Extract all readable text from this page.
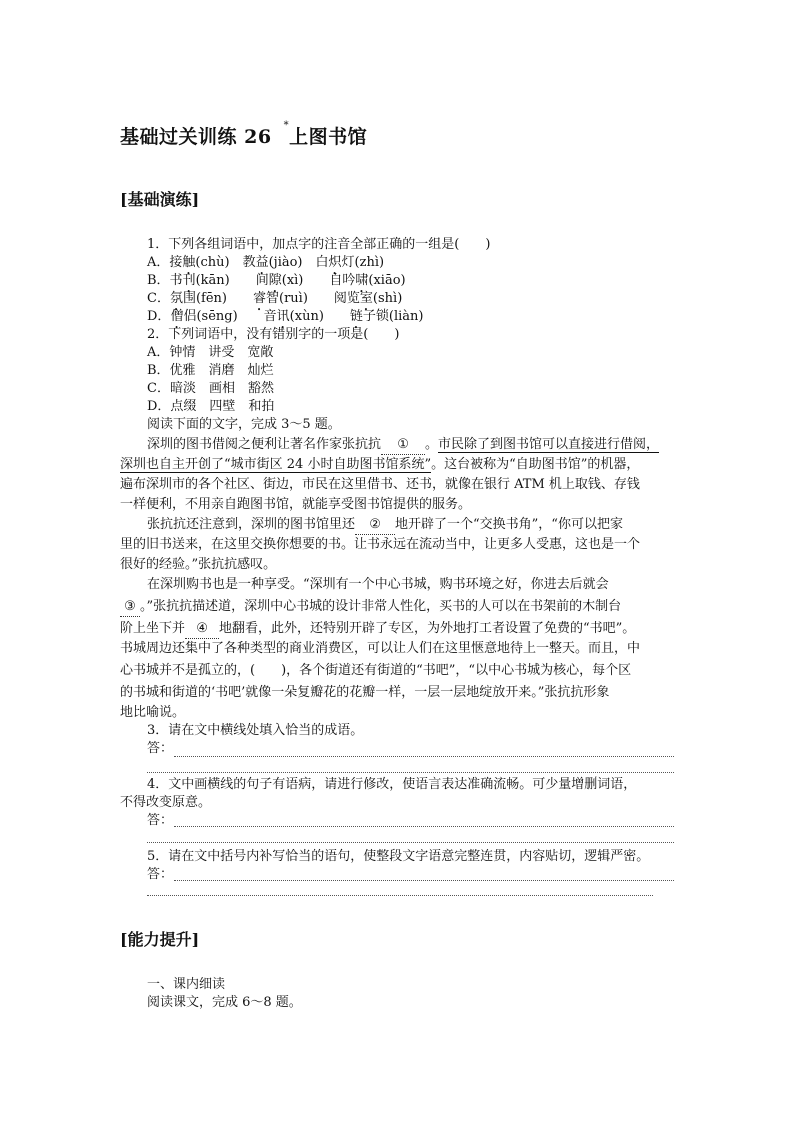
基础过关训练 26*上图书馆
[基础演练]
1．下列各组词语中，加点字的注音全部正确的一组是(　　)
A．接触(chù)　教益(jiào)　白炽灯(zhì)
B．书刊(kān)　　间隙(xì)　　自吟啸(xiāo)
C．氛围(fēn)　　睿智(ruì)　　阅览室(shì)
D．僧侣(sēng)　　音讯(xùn)　　链子锁(liàn)
2．下列词语中，没有错别字的一项是(　　)
A．钟情　讲受　宽敞
B．优雅　消磨　灿烂
C．暗淡　画相　豁然
D．点缀　四壁　和拍
阅读下面的文字，完成 3～5 题。
深圳的图书借阅之便利让著名作家张抗抗 ① 。市民除了到图书馆可以直接进行借阅，
深圳也自主开创了“城市街区 24 小时自助图书馆系统”。这台被称为“自助图书馆”的机器，
遍布深圳市的各个社区、街边，市民在这里借书、还书，就像在银行 ATM 机上取钱、存钱
一样便利，不用亲自跑图书馆，就能享受图书馆提供的服务。
张抗抗还注意到，深圳的图书馆里还 ② 地开辟了一个“交换书角”，“你可以把家
里的旧书送来，在这里交换你想要的书。让书永远在流动当中，让更多人受惠，这也是一个
很好的经验。”张抗抗感叹。
在深圳购书也是一种享受。“深圳有一个中心书城，购书环境之好，你进去后就会
③ 。”张抗抗描述道，深圳中心书城的设计非常人性化，买书的人可以在书架前的木制台
阶上坐下并 ④ 地翻看，此外，还特别开辟了专区，为外地打工者设置了免费的“书吧”。
书城周边还集中了各种类型的商业消费区，可以让人们在这里惬意地待上一整天。而且，中
心书城并不是孤立的，(　　)，各个街道还有街道的“书吧”，“以中心书城为核心，每个区
的书城和街道的‘书吧’就像一朵复瓣花的花瓣一样，一层一层地绽放开来。”张抗抗形象
地比喻说。
3．请在文中横线处填入恰当的成语。
答：
4．文中画横线的句子有语病，请进行修改，使语言表达准确流畅。可少量增删词语，
不得改变原意。
答：
5．请在文中括号内补写恰当的语句，使整段文字语意完整连贯，内容贴切，逻辑严密。
答：
[能力提升]
一、课内细读
阅读课文，完成 6～8 题。
